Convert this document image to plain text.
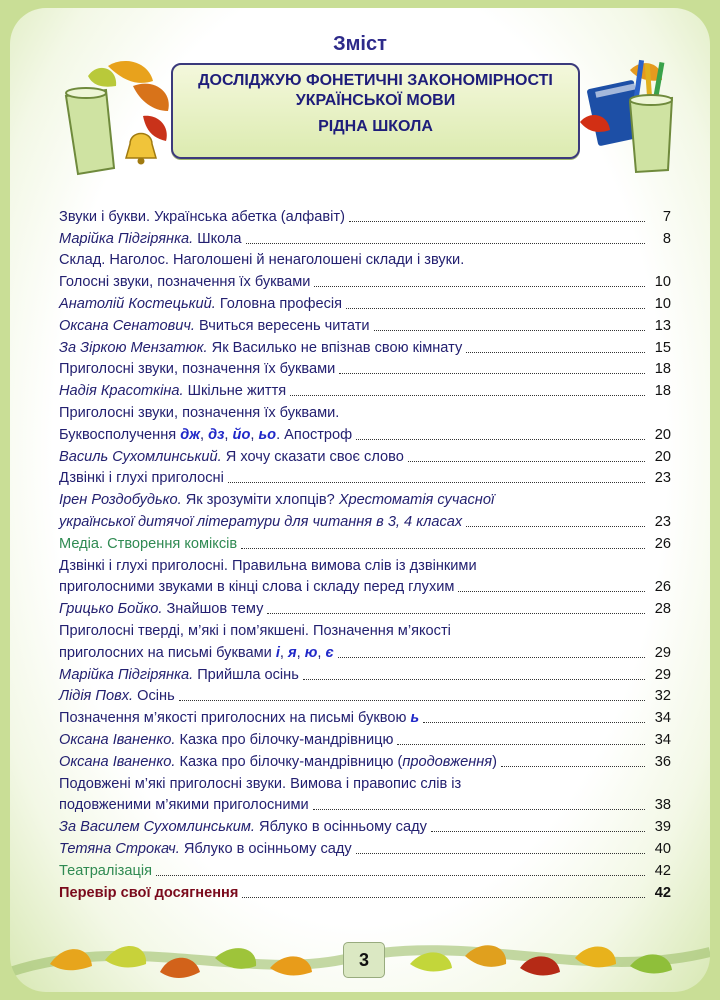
Зміст
ДОСЛІДЖУЮ ФОНЕТИЧНІ ЗАКОНОМІРНОСТІ
УКРАЇНСЬКОЇ МОВИ
РІДНА ШКОЛА
Звуки і букви. Українська абетка (алфавіт)	7
Марійка Підгірянка. Школа	8
Склад. Наголос. Наголошені й ненаголошені склади і звуки.
Голосні звуки, позначення їх буквами	10
Анатолій Костецький. Головна професія	10
Оксана Сенатович. Вчиться вересень читати	13
За Зіркою Мензатюк. Як Василько не впізнав свою кімнату	15
Приголосні звуки, позначення їх буквами	18
Надія Красоткіна. Шкільне життя	18
Приголосні звуки, позначення їх буквами.
Буквосполучення дж, дз, йо, ьо. Апостроф	20
Василь Сухомлинський. Я хочу сказати своє слово	20
Дзвінкі і глухі приголосні	23
Ірен Роздобудько. Як зрозуміти хлопців? Хрестоматія сучасної
української дитячої літератури для читання в 3, 4 класах	23
Медіа. Створення коміксів	26
Дзвінкі і глухі приголосні. Правильна вимова слів із дзвінкими
приголосними звуками в кінці слова і складу перед глухим	26
Грицько Бойко. Знайшов тему	28
Приголосні тверді, м’які і пом’якшені. Позначення м’якості
приголосних на письмі буквами і, я, ю, є	29
Марійка Підгірянка. Прийшла осінь	29
Лідія Повх. Осінь	32
Позначення м’якості приголосних на письмі буквою ь	34
Оксана Іваненко. Казка про білочку-мандрівницю	34
Оксана Іваненко. Казка про білочку-мандрівницю (продовження)	36
Подовжені м’які приголосні звуки. Вимова і правопис слів із
подовженими м’якими приголосними	38
За Василем Сухомлинським. Яблуко в осінньому саду	39
Тетяна Строкач. Яблуко в осінньому саду	40
Театралізація	42
Перевір свої досягнення	42
3
